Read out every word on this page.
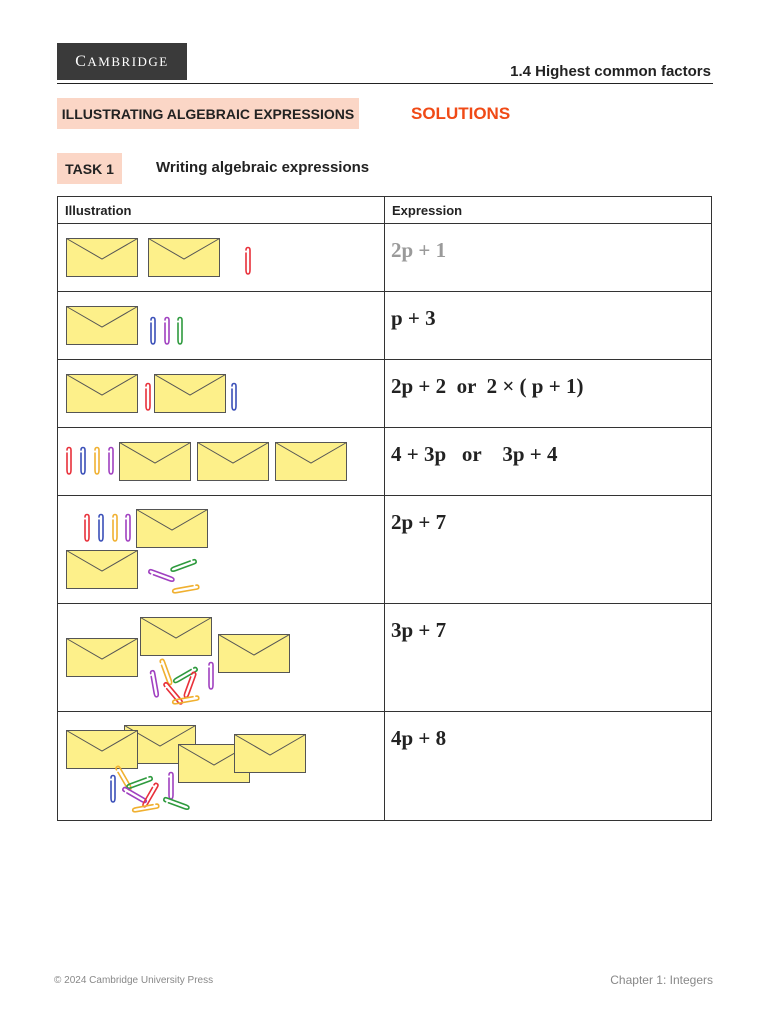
C AMBRIDGE
1.4 Highest common factors
ILLUSTRATING ALGEBRAIC EXPRESSIONS	SOLUTIONS
TASK 1	Writing algebraic expressions
Illustration	Expression

2p + 1

p + 3

2p + 2  or  2 × ( p + 1)

4 + 3p   or    3p + 4

2p + 7

3p + 7

4p + 8
© 2024 Cambridge University Press	Chapter 1: Integers
